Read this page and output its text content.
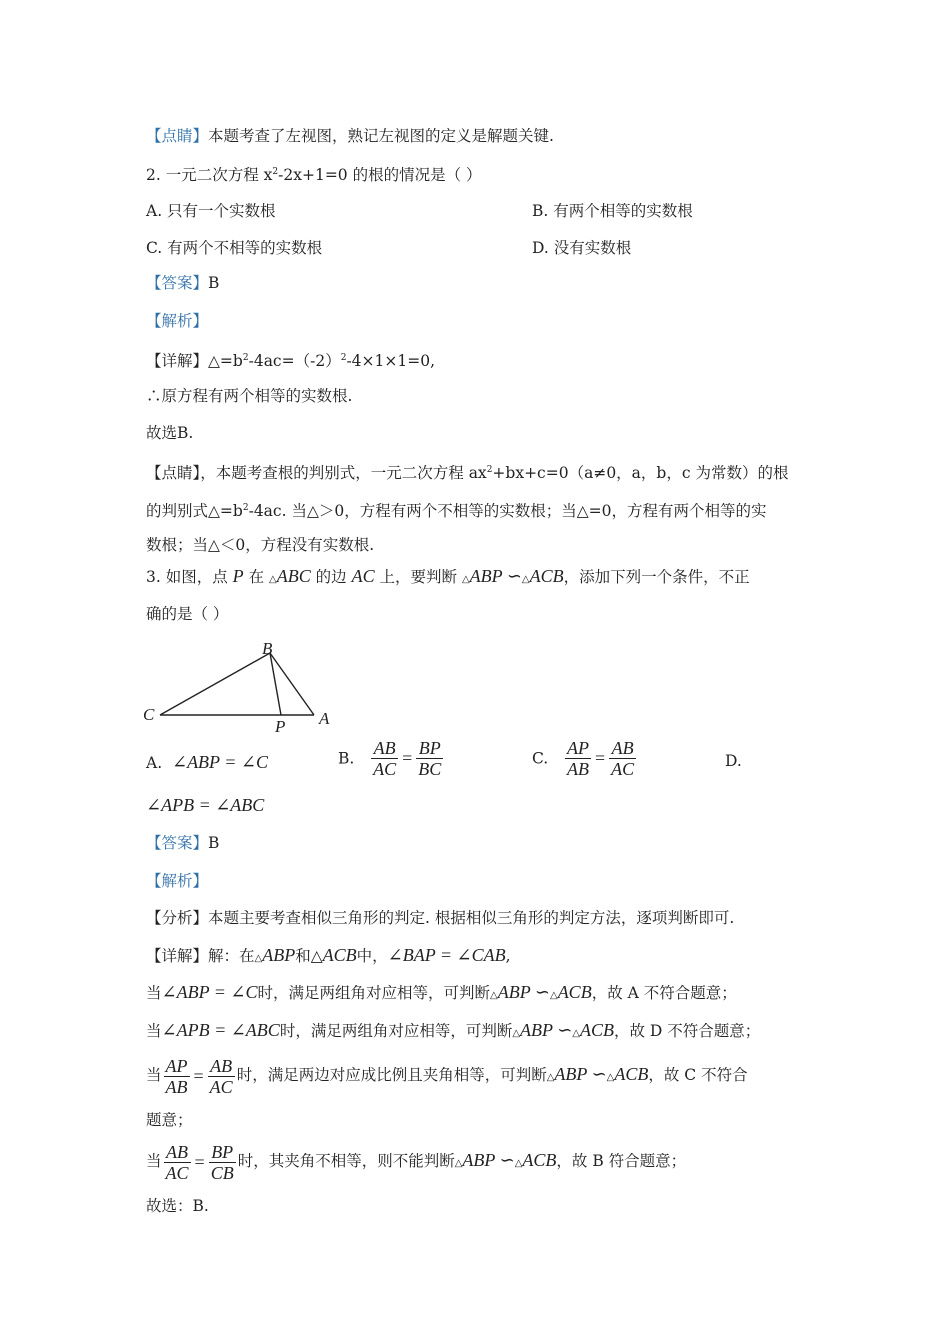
【点睛】本题考查了左视图，熟记左视图的定义是解题关键.
2. 一元二次方程 $x^2-2x+1=0$ 的根的情况是（ ）
A. 只有一个实数根	B. 有两个相等的实数根
C. 有两个不相等的实数根	D. 没有实数根
【答案】B
【解析】
【详解】$\triangle=b^2-4ac=(-2)^2-4\times 1\times 1=0$,
∴原方程有两个相等的实数根.
故选B.
【点睛】，本题考查根的判别式，一元二次方程 $ax^2+bx+c=0(a\ne 0$，a，b，c 为常数）的根
的判别式$\triangle=b^2-4ac$. 当△＞0，方程有两个不相等的实数根；当△=0，方程有两个相等的实
数根；当△＜0，方程没有实数根.
3. 如图，点 P 在 △ABC 的边 AC 上，要判断 △ABP ∽△ACB，添加下列一个条件，不正
确的是（ ）
B
C
P A
A. ∠ABP = ∠C	B. $\frac{AB}{AC} = \frac{BP}{BC}$	C. $\frac{AP}{AB} = \frac{AB}{AC}$	D.
∠APB = ∠ABC
【答案】B
【解析】
【分析】本题主要考查相似三角形的判定. 根据相似三角形的判定方法，逐项判断即可.
【详解】解：在△ABP和△ACB中，∠BAP = ∠CAB,
当∠ABP = ∠C时，满足两组角对应相等，可判断△ABP ∽△ACB，故 A 不符合题意；
当∠APB = ∠ABC时，满足两组角对应相等，可判断△ABP ∽△ACB，故 D 不符合题意；
当 $\frac{AP}{AB} = \frac{AB}{AC}$ 时，满足两边对应成比例且夹角相等，可判断△ABP ∽△ACB，故 C 不符合
题意；
当 $\frac{AB}{AC} = \frac{BP}{CB}$ 时，其夹角不相等，则不能判断△ABP ∽△ACB，故 B 符合题意；
故选：B.
